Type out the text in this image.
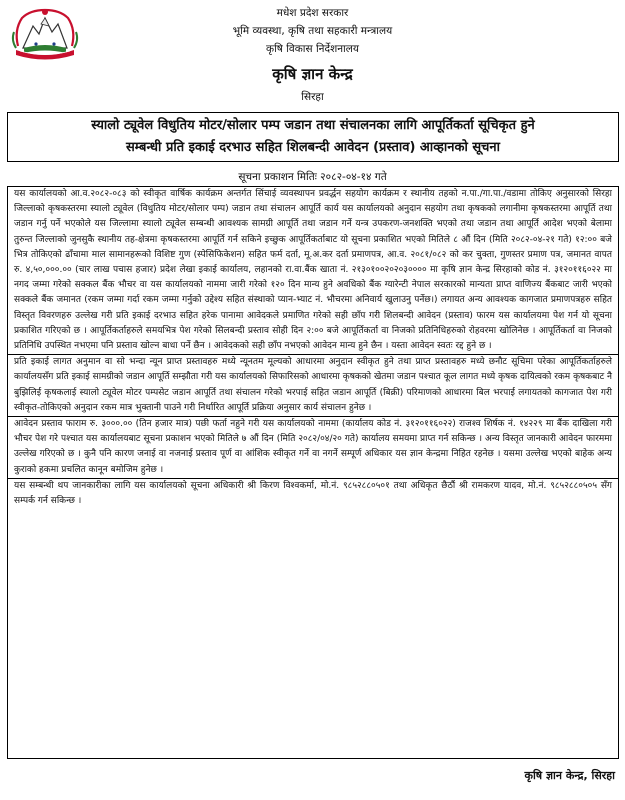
मधेश प्रदेश सरकार
भूमि व्यवस्था, कृषि तथा सहकारी मन्त्रालय
कृषि विकास निर्देशनालय
कृषि ज्ञान केन्द्र
सिरहा
स्यालो ट्यूवेल विधुतिय मोटर/सोलार पम्प जडान तथा संचालनका लागि आपूर्तिकर्ता सूचिकृत हुने
सम्बन्धी प्रति इकाई दरभाउ सहित शिलबन्दी आवेदन (प्रस्ताव) आव्हानको सूचना
सूचना प्रकाशन मितिः २०८२-०४-१४ गते
यस कार्यालयको आ.व.२०८२-०८३ को स्वीकृत वार्षिक कार्यक्रम अन्तर्गत सिंचाई व्यवस्थापन प्रवर्द्धन सहयोग कार्यक्रम र स्थानीय तहको न.पा./गा.पा./वडामा तोकिए अनुसारको सिरहा जिल्लाको कृषकस्तरमा स्यालो ट्यूवेल (विधुतिय मोटर/सोलार पम्प) जडान तथा संचालन आपूर्ति कार्य यस कार्यालयको अनुदान सहयोग तथा कृषकको लगानीमा कृषकस्तरमा आपूर्ति तथा जडान गर्नु पर्ने भएकोले यस जिल्लामा स्यालो ट्यूवेल सम्बन्धी आवश्यक सामग्री आपूर्ति तथा जडान गर्ने यन्त्र उपकरण-जनशक्ति भएको तथा जडान तथा आपूर्ति आदेश भएको बेलामा तुरुन्त जिल्लाको जुनसुकै स्थानीय तह-क्षेत्रमा कृषकस्तरमा आपूर्ति गर्न सकिने इच्छुक आपूर्तिकर्ताबाट यो सूचना प्रकाशित भएको मितिले ८ औं दिन (मिति २०८२-०४-२१ गते) १२:०० बजे भित्र तोकिएको ढाँचामा माल सामानहरूको विशिष्ट गुण (स्पेसिफिकेशन) सहित फर्म दर्ता, मू.अ.कर दर्ता प्रमाणपत्र, आ.व. २०८१/०८२ को कर चुक्ता, गुणस्तर प्रमाण पत्र, जमानत वापत रु. ४,५०,०००.०० (चार लाख पचास हजार) प्रदेश लेखा इकाई कार्यालय, लहानको रा.वा.बैंक खाता नं. २१३०१००२०२०३०००० मा कृषि ज्ञान केन्द्र सिरहाको कोड नं. ३१२०११६०२२ मा नगद जम्मा गरेको सक्कल बैंक भौचर वा यस कार्यालयको नाममा जारी गरेको १२० दिन मान्य हुने अवधिको बैंक ग्यारेन्टी नेपाल सरकारको मान्यता प्राप्त वाणिज्य बैंकबाट जारी भएको सक्कले बैंक जमानत (रकम जम्मा गर्दा रकम जम्मा गर्नुको उद्देश्य सहित संस्थाको प्यान-भ्याट नं. भौचरमा अनिवार्य खुलाउनु पर्नेछ।) लगायत अन्य आवश्यक कागजात प्रमाणपत्रहरु सहित विस्तृत विवरणहरु उल्लेख गरी प्रति इकाई दरभाउ सहित हरेक पानामा आवेदकले प्रमाणित गरेको सही छाँप गरी शिलबन्दी आवेदन (प्रस्ताव) फारम यस कार्यालयमा पेश गर्न यो सूचना प्रकाशित गरिएको छ । आपूर्तिकर्ताहरुले समयभित्र पेश गरेको सिलबन्दी प्रस्ताव सोही दिन २:०० बजे आपूर्तिकर्ता वा निजको प्रतिनिधिहरुको रोहवरमा खोलिनेछ । आपूर्तिकर्ता वा निजको प्रतिनिधि उपस्थित नभएमा पनि प्रस्ताव खोल्न बाधा पर्ने छैन । आवेदकको सही छाँप नभएको आवेदन मान्य हुने छैन । यस्ता आवेदन स्वतः रद्द हुने छ ।
प्रति इकाई लागत अनुमान वा सो भन्दा न्यून प्राप्त प्रस्तावहरु मध्ये न्यूनतम मूल्यको आधारमा अनुदान स्वीकृत हुने तथा प्राप्त प्रस्तावहरु मध्ये छनौट सूचिमा परेका आपूर्तिकर्ताहरुले कार्यालयसँग प्रति इकाई सामग्रीको जडान आपूर्ति सम्झौता गरी यस कार्यालयको सिफारिसको आधारमा कृषकको खेतमा जडान पश्चात कूल लागत मध्ये कृषक दायित्वको रकम कृषकबाट नै बुझिलिई कृषकलाई स्यालो ट्यूवेल मोटर पम्पसेट जडान आपूर्ति तथा संचालन गरेको भरपाई सहित जडान आपूर्ति (बिक्री) परिमाणको आधारमा बिल भरपाई लगायतको कागजात पेश गरी स्वीकृत-तोकिएको अनुदान रकम मात्र भुक्तानी पाउने गरी निर्धारित आपूर्ति प्रक्रिया अनुसार कार्य संचालन हुनेछ ।
आवेदन प्रस्ताव फाराम रु. ३०००.०० (तिन हजार मात्र) पछी फर्ता नहुने गरी यस कार्यालयको नाममा (कार्यालय कोड नं. ३१२०११६०२२) राजश्व शिर्षक नं. १४२२९ मा बैंक दाखिला गरी भौचर पेश गरे पश्चात यस कार्यालयबाट सूचना प्रकाशन भएको मितिले ७ औं दिन (मिति २०८२/०४/२० गते) कार्यालय समयमा प्राप्त गर्न सकिन्छ । अन्य विस्तृत जानकारी आवेदन फारममा उल्लेख गरिएको छ । कुनै पनि कारण जनाई वा नजनाई प्रस्ताव पूर्ण वा आंशिक स्वीकृत गर्ने वा नगर्ने सम्पूर्ण अधिकार यस ज्ञान केन्द्रमा निहित रहनेछ । यसमा उल्लेख भएको बाहेक अन्य कुराको हकमा प्रचलित कानून बमोजिम हुनेछ ।
यस सम्बन्धी थप जानकारीका लागि यस कार्यालयको सूचना अधिकारी श्री किरण विश्वकर्मा, मो.नं. ९८५२८८०५०१ तथा अधिकृत छैठौं श्री रामकरण यादव, मो.नं. ९८५२८८०५०५ सँग सम्पर्क गर्न सकिन्छ ।
कृषि ज्ञान केन्द्र, सिरहा
